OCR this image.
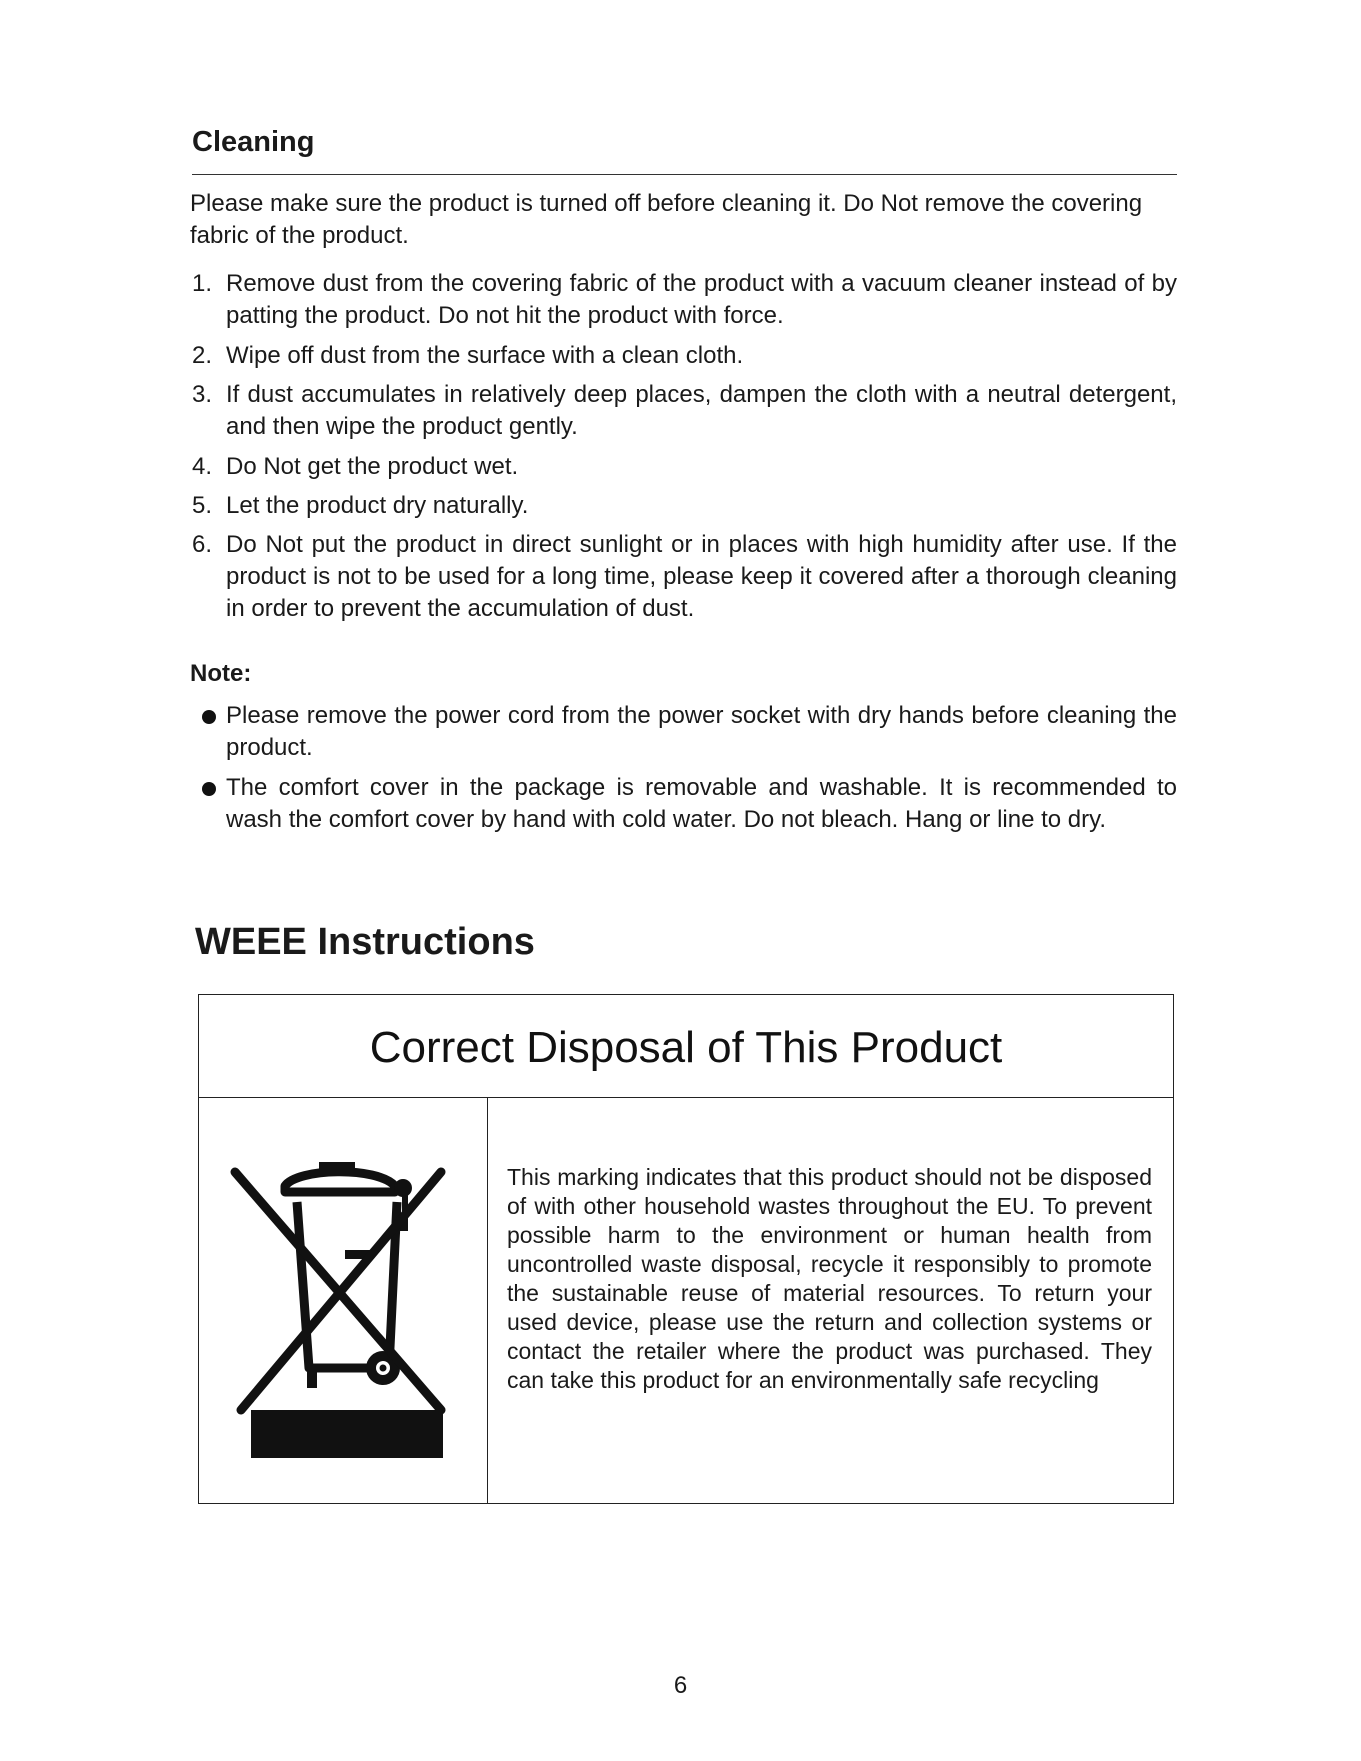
Cleaning

Please make sure the product is turned off before cleaning it. Do Not remove the covering fabric of the product.

1. Remove dust from the covering fabric of the product with a vacuum cleaner instead of by patting the product. Do not hit the product with force.
2. Wipe off dust from the surface with a clean cloth.
3. If dust accumulates in relatively deep places, dampen the cloth with a neutral detergent, and then wipe the product gently.
4. Do Not get the product wet.
5. Let the product dry naturally.
6. Do Not put the product in direct sunlight or in places with high humidity after use. If the product is not to be used for a long time, please keep it covered after a thorough cleaning in order to prevent the accumulation of dust.
Note:
Please remove the power cord from the power socket with dry hands before cleaning the product.
The comfort cover in the package is removable and washable. It is recommended to wash the comfort cover by hand with cold water. Do not bleach. Hang or line to dry.
WEEE Instructions
Correct Disposal of This Product

This marking indicates that this product should not be disposed of with other household wastes throughout the EU. To prevent possible harm to the environment or human health from uncontrolled waste disposal, recycle it responsibly to promote the sustainable reuse of material resources. To return your used device, please use the return and collection systems or contact the retailer where the product was purchased. They can take this product for an environmentally safe recycling

6
